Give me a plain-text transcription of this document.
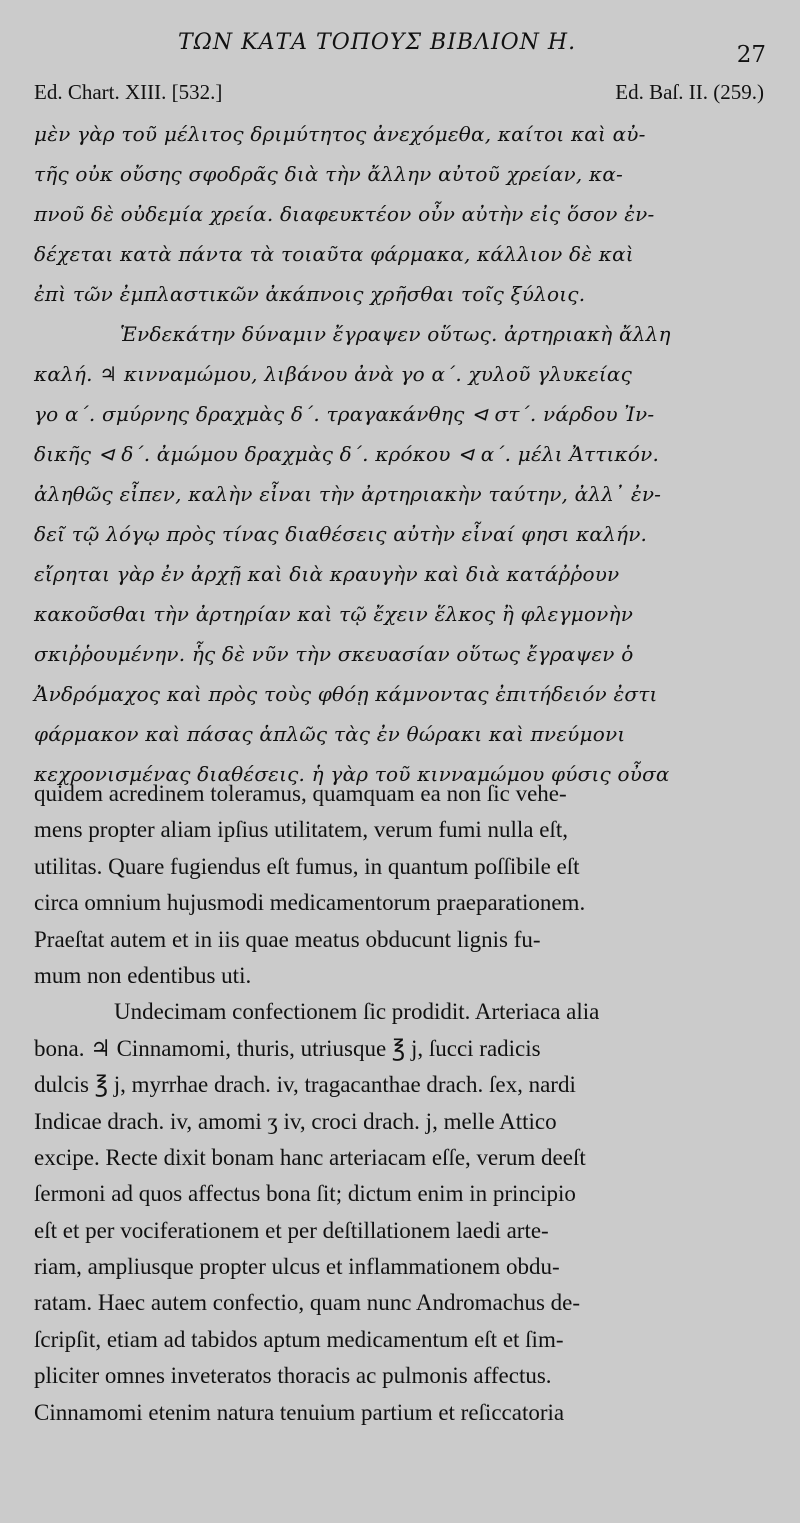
ΤΩΝ ΚΑΤΑ ΤΟΠΟΥΣ ΒΙΒΛΙΟΝ Η.	27
Ed. Chart. XIII. [532.]	Ed. Baſ. II. (259.)
μὲν γὰρ τοῦ μέλιτος δριμύτητος ἀνεχόμεθα, καίτοι καὶ αὐ-
τῆς οὐκ οὔσης σφοδρᾶς διὰ τὴν ἄλλην αὐτοῦ χρείαν, κα-
πνοῦ δὲ οὐδεμία χρεία. διαφευκτέον οὖν αὐτὴν εἰς ὅσον ἐν-
δέχεται κατὰ πάντα τὰ τοιαῦτα φάρμακα, κάλλιον δὲ καὶ
ἐπὶ τῶν ἐμπλαστικῶν ἀκάπνοις χρῆσθαι τοῖς ξύλοις.
Ἑνδεκάτην δύναμιν ἔγραψεν οὕτως. ἀρτηριακὴ ἄλλη
καλή. ♃ κινναμώμου, λιβάνου ἀνὰ γο α΄. χυλοῦ γλυκείας
γο α΄. σμύρνης δραχμὰς δ΄. τραγακάνθης ⊲ στ΄. νάρδου Ἰν-
δικῆς ⊲ δ΄. ἀμώμου δραχμὰς δ΄. κρόκου ⊲ α΄. μέλι Ἀττικόν.
ἀληθῶς εἶπεν, καλὴν εἶναι τὴν ἀρτηριακὴν ταύτην, ἀλλ᾽ ἐν-
δεῖ τῷ λόγῳ πρὸς τίνας διαθέσεις αὐτὴν εἶναί φησι καλήν.
εἴρηται γὰρ ἐν ἀρχῇ καὶ διὰ κραυγὴν καὶ διὰ κατάῤῥουν
κακοῦσθαι τὴν ἀρτηρίαν καὶ τῷ ἔχειν ἕλκος ἢ φλεγμονὴν
σκιῤῥουμένην. ἧς δὲ νῦν τὴν σκευασίαν οὕτως ἔγραψεν ὁ
Ἀνδρόμαχος καὶ πρὸς τοὺς φθόῃ κάμνοντας ἐπιτήδειόν ἐστι
φάρμακον καὶ πάσας ἁπλῶς τὰς ἐν θώρακι καὶ πνεύμονι
κεχρονισμένας διαθέσεις. ἡ γὰρ τοῦ κινναμώμου φύσις οὖσα
quidem acredinem toleramus, quamquam ea non ſic vehe-
mens propter aliam ipſius utilitatem, verum fumi nulla eſt,
utilitas. Quare fugiendus eſt fumus, in quantum poſſibile eſt
circa omnium hujusmodi medicamentorum praeparationem.
Praeſtat autem et in iis quae meatus obducunt lignis fu-
mum non edentibus uti.
Undecimam confectionem ſic prodidit. Arteriaca alia
bona. ♃ Cinnamomi, thuris, utriusque ℥ j, ſucci radicis
dulcis ℥ j, myrrhae drach. iv, tragacanthae drach. ſex, nardi
Indicae drach. iv, amomi ʒ iv, croci drach. j, melle Attico
excipe. Recte dixit bonam hanc arteriacam eſſe, verum deeſt
ſermoni ad quos affectus bona ſit; dictum enim in principio
eſt et per vociferationem et per deſtillationem laedi arte-
riam, ampliusque propter ulcus et inflammationem obdu-
ratam. Haec autem confectio, quam nunc Andromachus de-
ſcripſit, etiam ad tabidos aptum medicamentum eſt et ſim-
pliciter omnes inveteratos thoracis ac pulmonis affectus.
Cinnamomi etenim natura tenuium partium et reſiccatoria
